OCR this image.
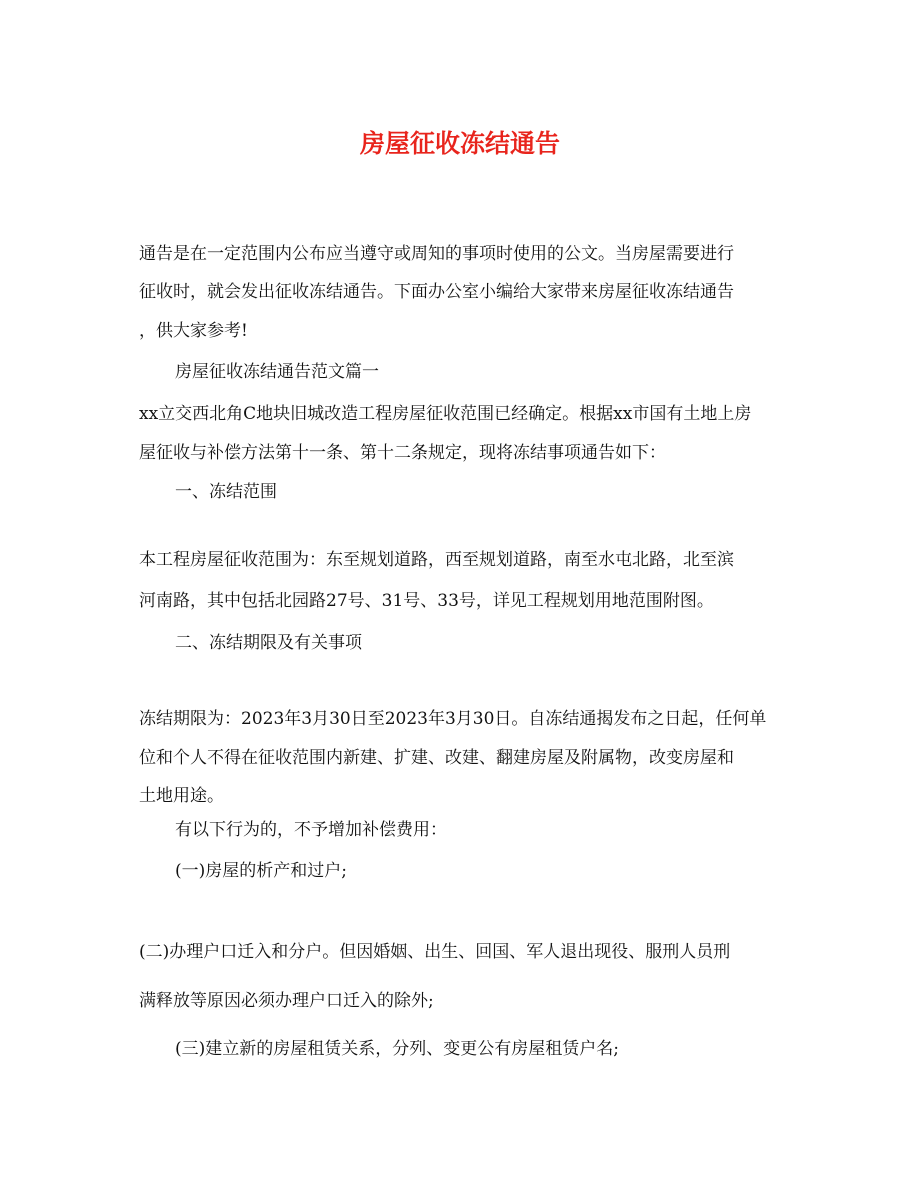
房屋征收冻结通告
通告是在一定范围内公布应当遵守或周知的事项时使用的公文。当房屋需要进行
征收时，就会发出征收冻结通告。下面办公室小编给大家带来房屋征收冻结通告
，供大家参考!
房屋征收冻结通告范文篇一
xx立交西北角C地块旧城改造工程房屋征收范围已经确定。根据xx市国有土地上房
屋征收与补偿方法第十一条、第十二条规定，现将冻结事项通告如下：
一、冻结范围
本工程房屋征收范围为：东至规划道路，西至规划道路，南至水屯北路，北至滨
河南路，其中包括北园路27号、31号、33号，详见工程规划用地范围附图。
二、冻结期限及有关事项
冻结期限为：2023年3月30日至2023年3月30日。自冻结通揭发布之日起，任何单
位和个人不得在征收范围内新建、扩建、改建、翻建房屋及附属物，改变房屋和
土地用途。
有以下行为的，不予增加补偿费用：
(一)房屋的析产和过户;
(二)办理户口迁入和分户。但因婚姻、出生、回国、军人退出现役、服刑人员刑
满释放等原因必须办理户口迁入的除外;
(三)建立新的房屋租赁关系，分列、变更公有房屋租赁户名;
